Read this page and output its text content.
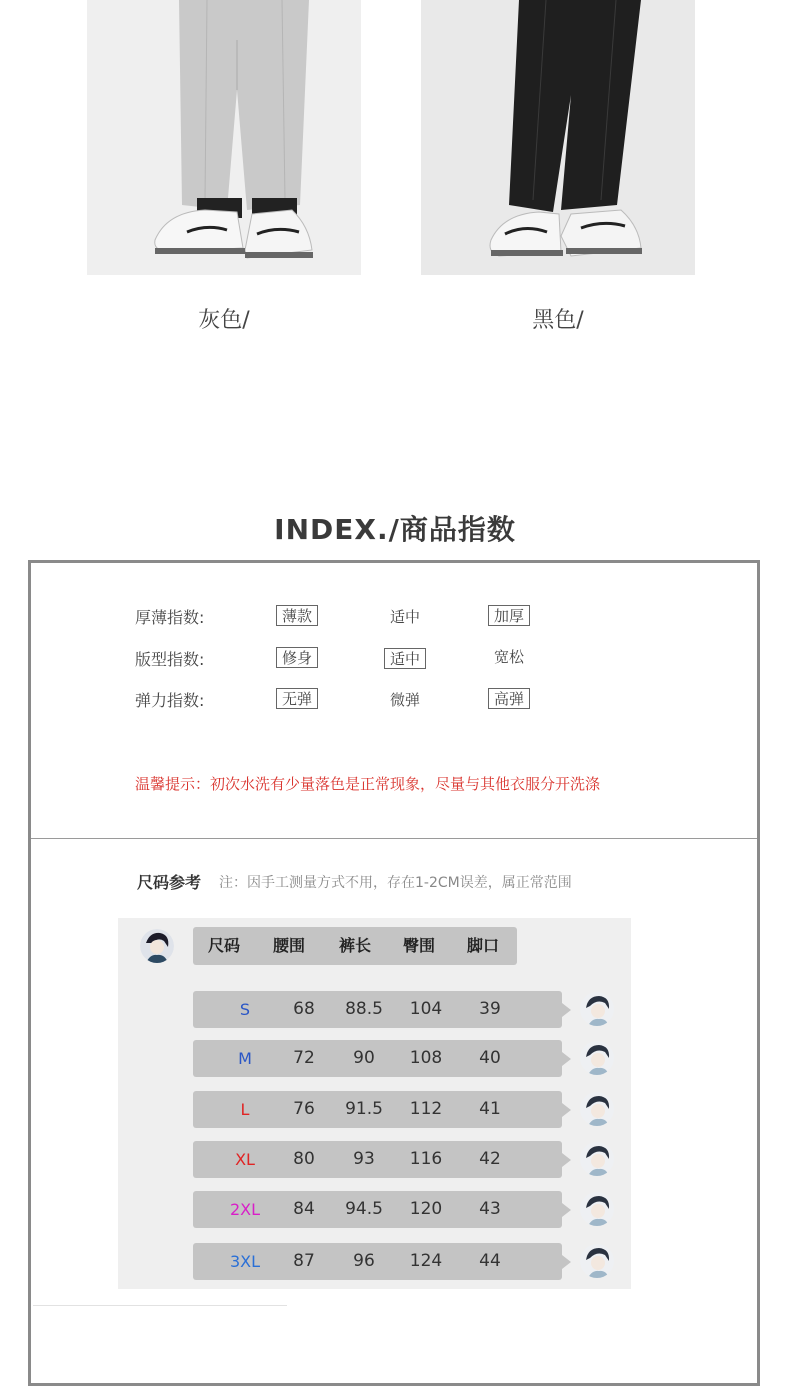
灰色/	黑色/
INDEX./商品指数
厚薄指数:	薄款	适中	加厚
版型指数:	修身	适中	宽松
弹力指数:	无弹	微弹	高弹
温馨提示：初次水洗有少量落色是正常现象，尽量与其他衣服分开洗涤
尺码参考 注：因手工测量方式不用，存在1-2CM误差，属正常范围
尺码	腰围	裤长	臀围	脚口
S	68	88.5	104	39
M	72	90	108	40
L	76	91.5	112	41
XL	80	93	116	42
2XL	84	94.5	120	43
3XL	87	96	124	44
